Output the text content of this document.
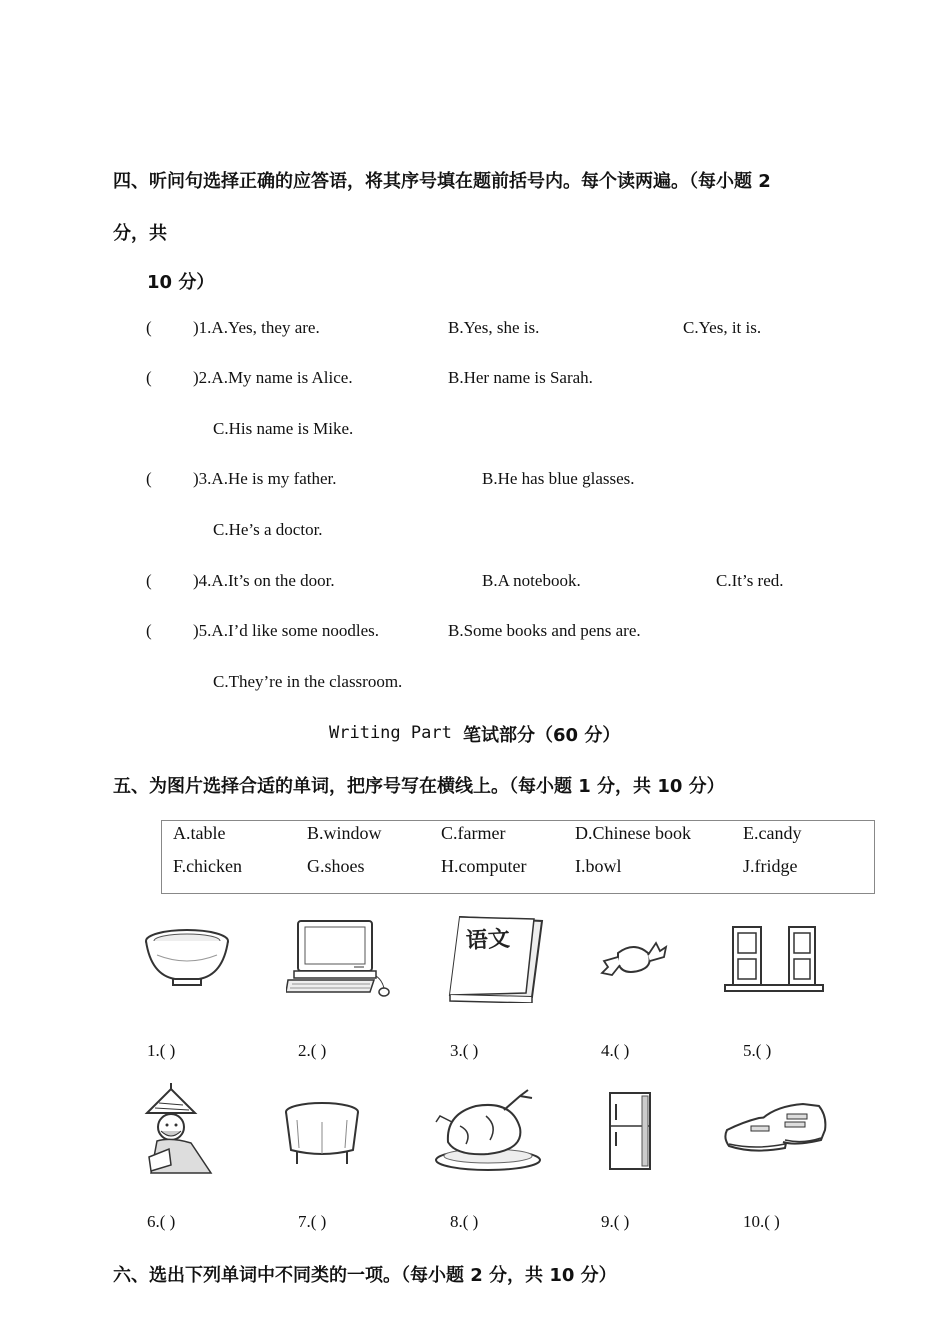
四、听问句选择正确的应答语，将其序号填在题前括号内。每个读两遍。（每小题 2
分，共
10 分）
( )1.A.Yes, they are.	B.Yes, she is.	C.Yes, it is.
( )2.A.My name is Alice.	B.Her name is Sarah.
C.His name is Mike.
( )3.A.He is my father.	B.He has blue glasses.
C.He’s a doctor.
( )4.A.It’s on the door.	B.A notebook.	C.It’s red.
( )5.A.I’d like some noodles.	B.Some books and pens are.
C.They’re in the classroom.
Writing Part 笔试部分（60 分）
五、为图片选择合适的单词，把序号写在横线上。（每小题 1 分，共 10 分）
A.table	B.window	C.farmer	D.Chinese book	E.candy
F.chicken	G.shoes	H.computer	I.bowl	J.fridge
语文
1.( )	2.( )	3.( )	4.( )	5.( )
6.( )	7.( )	8.( )	9.( )	10.( )
六、选出下列单词中不同类的一项。（每小题 2 分，共 10 分）
